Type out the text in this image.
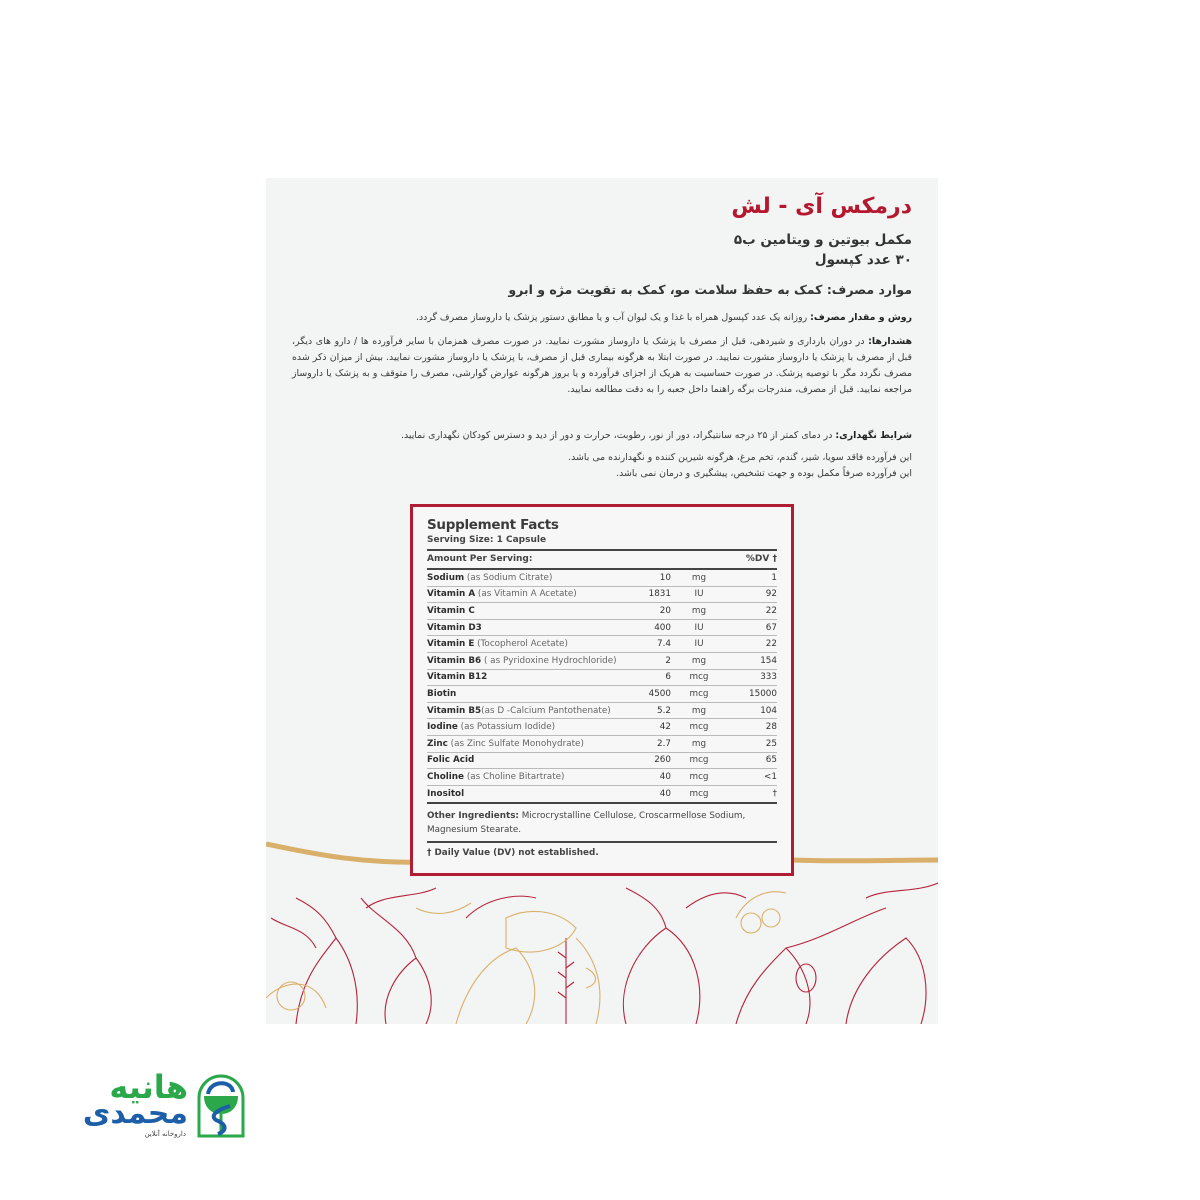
درمکس آی - لش
مکمل بیوتین و ویتامین ب۵
۳۰ عدد کپسول
موارد مصرف: کمک به حفظ سلامت مو، کمک به تقویت مژه و ابرو
روش و مقدار مصرف: روزانه یک عدد کپسول همراه با غذا و یک لیوان آب و یا مطابق دستور پزشک یا داروساز مصرف گردد.
هشدارها: در دوران بارداری و شیردهی، قبل از مصرف با پزشک یا داروساز مشورت نمایید. در صورت مصرف همزمان با سایر فرآورده ها / دارو های دیگر، قبل از مصرف با پزشک یا داروساز مشورت نمایید. در صورت ابتلا به هرگونه بیماری قبل از مصرف، با پزشک یا داروساز مشورت نمایید. بیش از میزان ذکر شده مصرف نگردد مگر با توصیه پزشک. در صورت حساسیت به هریک از اجزای فرآورده و یا بروز هرگونه عوارض گوارشی، مصرف را متوقف و به پزشک یا داروساز مراجعه نمایید. قبل از مصرف، مندرجات برگه راهنما داخل جعبه را به دقت مطالعه نمایید.
شرایط نگهداری: در دمای کمتر از ۲۵ درجه سانتیگراد، دور از نور، رطوبت، حرارت و دور از دید و دسترس کودکان نگهداری نمایید.
این فرآورده فاقد سویا، شیر، گندم، تخم مرغ، هرگونه شیرین کننده و نگهدارنده می باشد.
این فرآورده صرفاً مکمل بوده و جهت تشخیص، پیشگیری و درمان نمی باشد.
Supplement Facts
Serving Size: 1 Capsule
Amount Per Serving:	%DV †
Sodium (as Sodium Citrate)	10	mg	1
Vitamin A (as Vitamin A Acetate)	1831	IU	92
Vitamin C	20	mg	22
Vitamin D3	400	IU	67
Vitamin E (Tocopherol Acetate)	7.4	IU	22
Vitamin B6 ( as Pyridoxine Hydrochloride)	2	mg	154
Vitamin B12	6	mcg	333
Biotin	4500	mcg	15000
Vitamin B5(as D -Calcium Pantothenate)	5.2	mg	104
Iodine (as Potassium Iodide)	42	mcg	28
Zinc (as Zinc Sulfate Monohydrate)	2.7	mg	25
Folic Acid	260	mcg	65
Choline (as Choline Bitartrate)	40	mcg	<1
Inositol	40	mcg	†
Other Ingredients: Microcrystalline Cellulose, Croscarmellose Sodium, Magnesium Stearate.
† Daily Value (DV) not established.
هانیه
محمدی
داروخانه آنلاین
